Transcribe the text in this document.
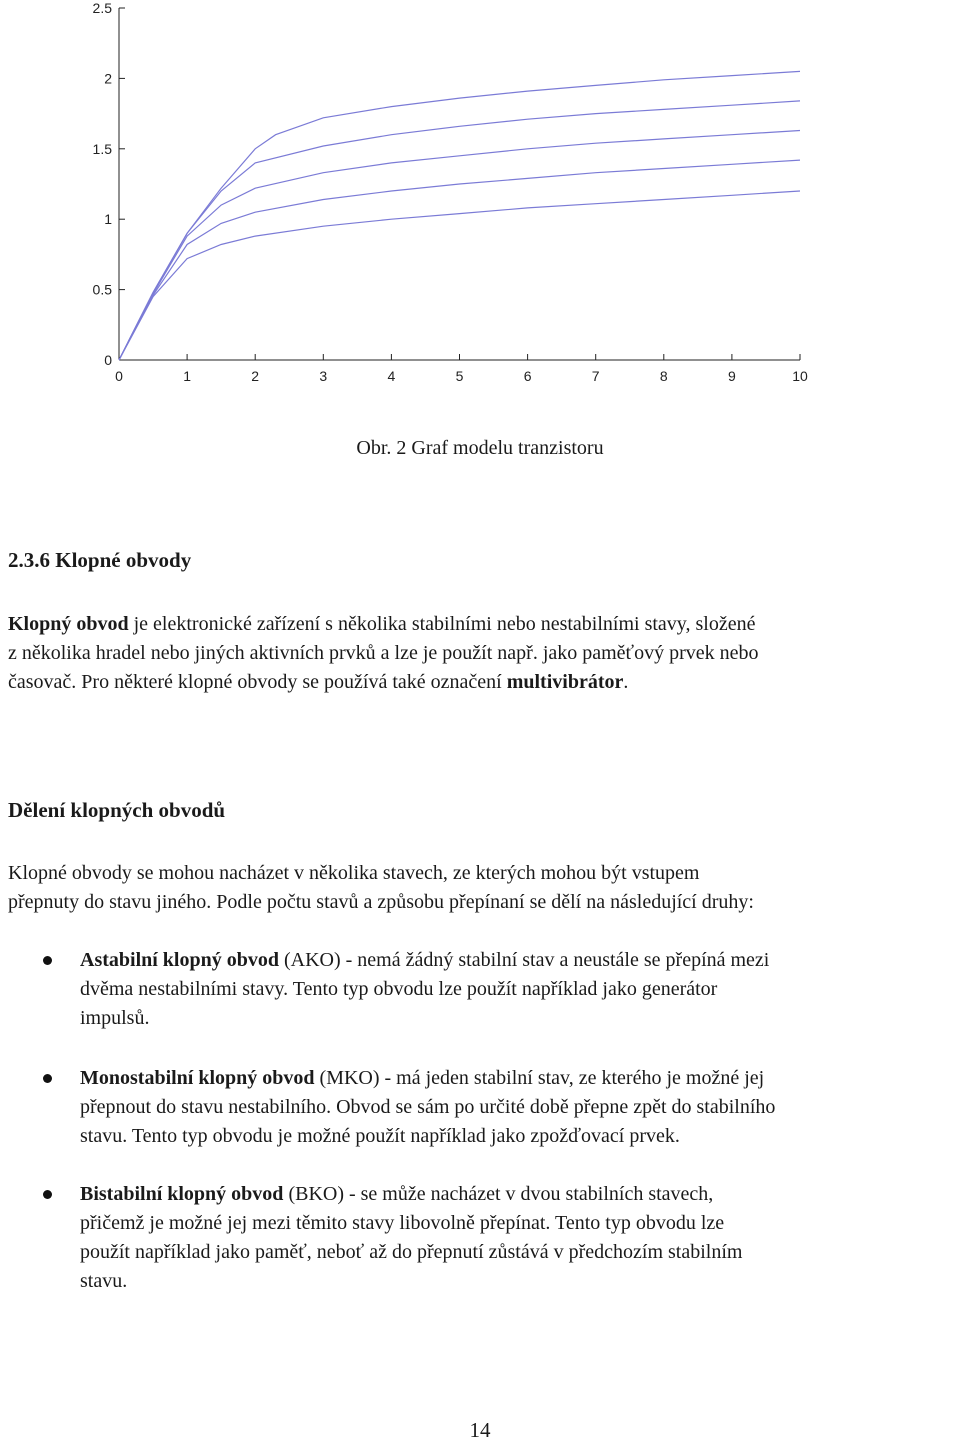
0	1	2	3	4	5	6	7	8	9	10
0
0.5
1
1.5
2
2.5
Obr. 2 Graf modelu tranzistoru
2.3.6 Klopné obvody
Klopný obvod je elektronické zařízení s několika stabilními nebo nestabilními stavy, složené
z několika hradel nebo jiných aktivních prvků a lze je použít např. jako paměťový prvek nebo
časovač. Pro některé klopné obvody se používá také označení multivibrátor.
Dělení klopných obvodů
Klopné obvody se mohou nacházet v několika stavech, ze kterých mohou být vstupem
přepnuty do stavu jiného. Podle počtu stavů a způsobu přepínaní se dělí na následující druhy:
Astabilní klopný obvod (AKO) - nemá žádný stabilní stav a neustále se přepíná mezi
dvěma nestabilními stavy. Tento typ obvodu lze použít například jako generátor
impulsů.
Monostabilní klopný obvod (MKO) - má jeden stabilní stav, ze kterého je možné jej
přepnout do stavu nestabilního. Obvod se sám po určité době přepne zpět do stabilního
stavu. Tento typ obvodu je možné použít například jako zpožďovací prvek.
Bistabilní klopný obvod (BKO) - se může nacházet v dvou stabilních stavech,
přičemž je možné jej mezi těmito stavy libovolně přepínat. Tento typ obvodu lze
použít například jako paměť, neboť až do přepnutí zůstává v předchozím stabilním
stavu.
14
